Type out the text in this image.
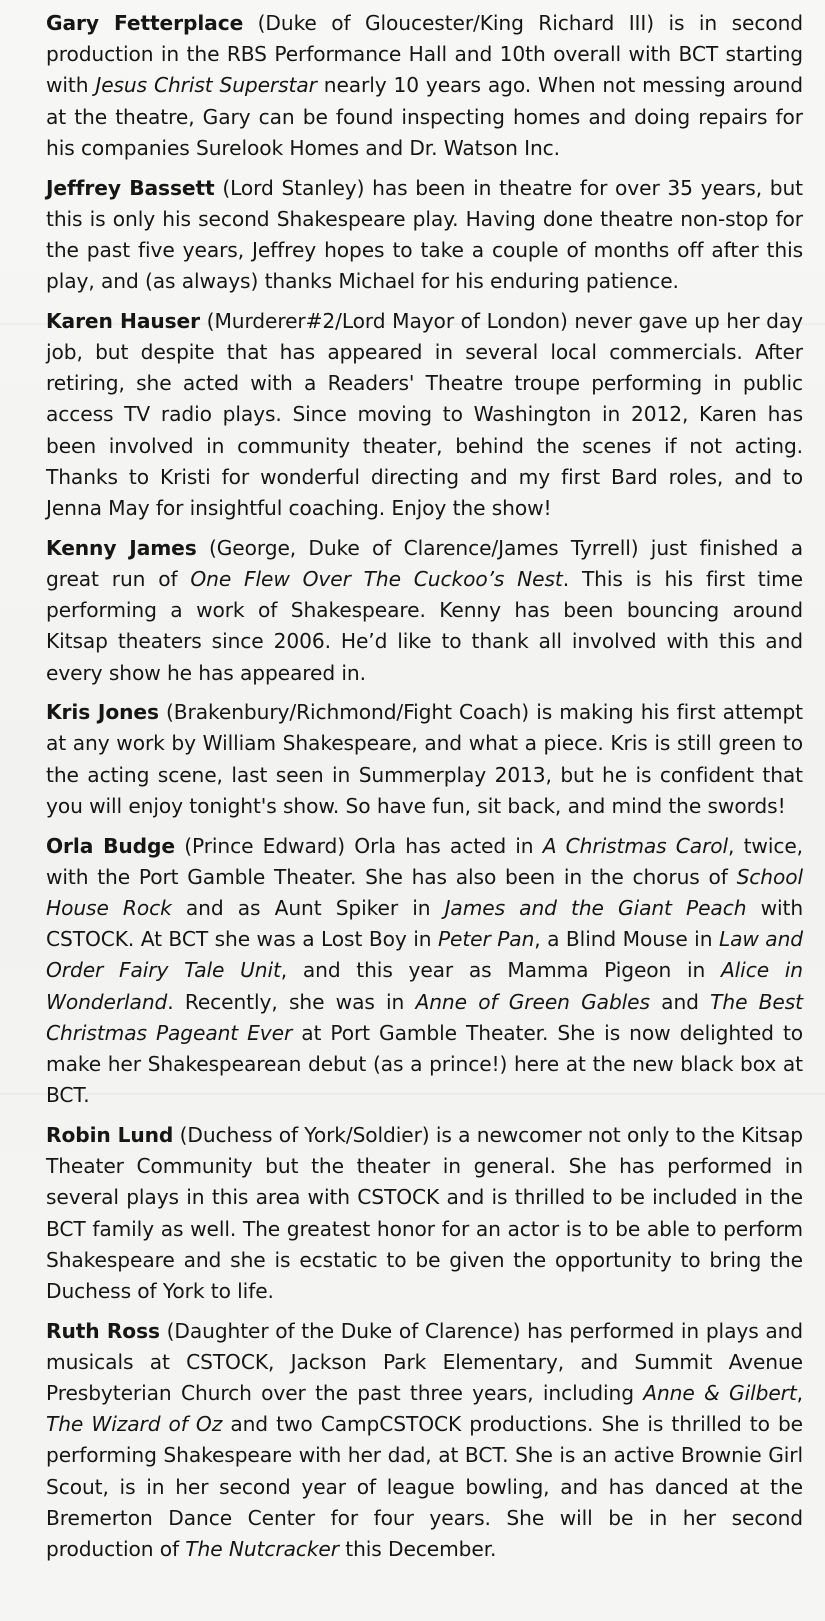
Gary Fetterplace (Duke of Gloucester/King Richard III) is in second production in the RBS Performance Hall and 10th overall with BCT starting with Jesus Christ Superstar nearly 10 years ago. When not messing around at the theatre, Gary can be found inspecting homes and doing repairs for his companies Surelook Homes and Dr. Watson Inc.

Jeffrey Bassett (Lord Stanley) has been in theatre for over 35 years, but this is only his second Shakespeare play. Having done theatre non-stop for the past five years, Jeffrey hopes to take a couple of months off after this play, and (as always) thanks Michael for his enduring patience.

Karen Hauser (Murderer#2/Lord Mayor of London) never gave up her day job, but despite that has appeared in several local commercials. After retiring, she acted with a Readers' Theatre troupe performing in public access TV radio plays. Since moving to Washington in 2012, Karen has been involved in community theater, behind the scenes if not acting. Thanks to Kristi for wonderful directing and my first Bard roles, and to Jenna May for insightful coaching. Enjoy the show!

Kenny James (George, Duke of Clarence/James Tyrrell) just finished a great run of One Flew Over The Cuckoo’s Nest. This is his first time performing a work of Shakespeare. Kenny has been bouncing around Kitsap theaters since 2006. He’d like to thank all involved with this and every show he has appeared in.

Kris Jones (Brakenbury/Richmond/Fight Coach) is making his first attempt at any work by William Shakespeare, and what a piece. Kris is still green to the acting scene, last seen in Summerplay 2013, but he is confident that you will enjoy tonight's show. So have fun, sit back, and mind the swords!

Orla Budge (Prince Edward) Orla has acted in A Christmas Carol, twice, with the Port Gamble Theater. She has also been in the chorus of School House Rock and as Aunt Spiker in James and the Giant Peach with CSTOCK. At BCT she was a Lost Boy in Peter Pan, a Blind Mouse in Law and Order Fairy Tale Unit, and this year as Mamma Pigeon in Alice in Wonderland. Recently, she was in Anne of Green Gables and The Best Christmas Pageant Ever at Port Gamble Theater. She is now delighted to make her Shakespearean debut (as a prince!) here at the new black box at BCT.

Robin Lund (Duchess of York/Soldier) is a newcomer not only to the Kitsap Theater Community but the theater in general. She has performed in several plays in this area with CSTOCK and is thrilled to be included in the BCT family as well. The greatest honor for an actor is to be able to perform Shakespeare and she is ecstatic to be given the opportunity to bring the Duchess of York to life.

Ruth Ross (Daughter of the Duke of Clarence) has performed in plays and musicals at CSTOCK, Jackson Park Elementary, and Summit Avenue Presbyterian Church over the past three years, including Anne & Gilbert, The Wizard of Oz and two CampCSTOCK productions. She is thrilled to be performing Shakespeare with her dad, at BCT. She is an active Brownie Girl Scout, is in her second year of league bowling, and has danced at the Bremerton Dance Center for four years. She will be in her second production of The Nutcracker this December.
